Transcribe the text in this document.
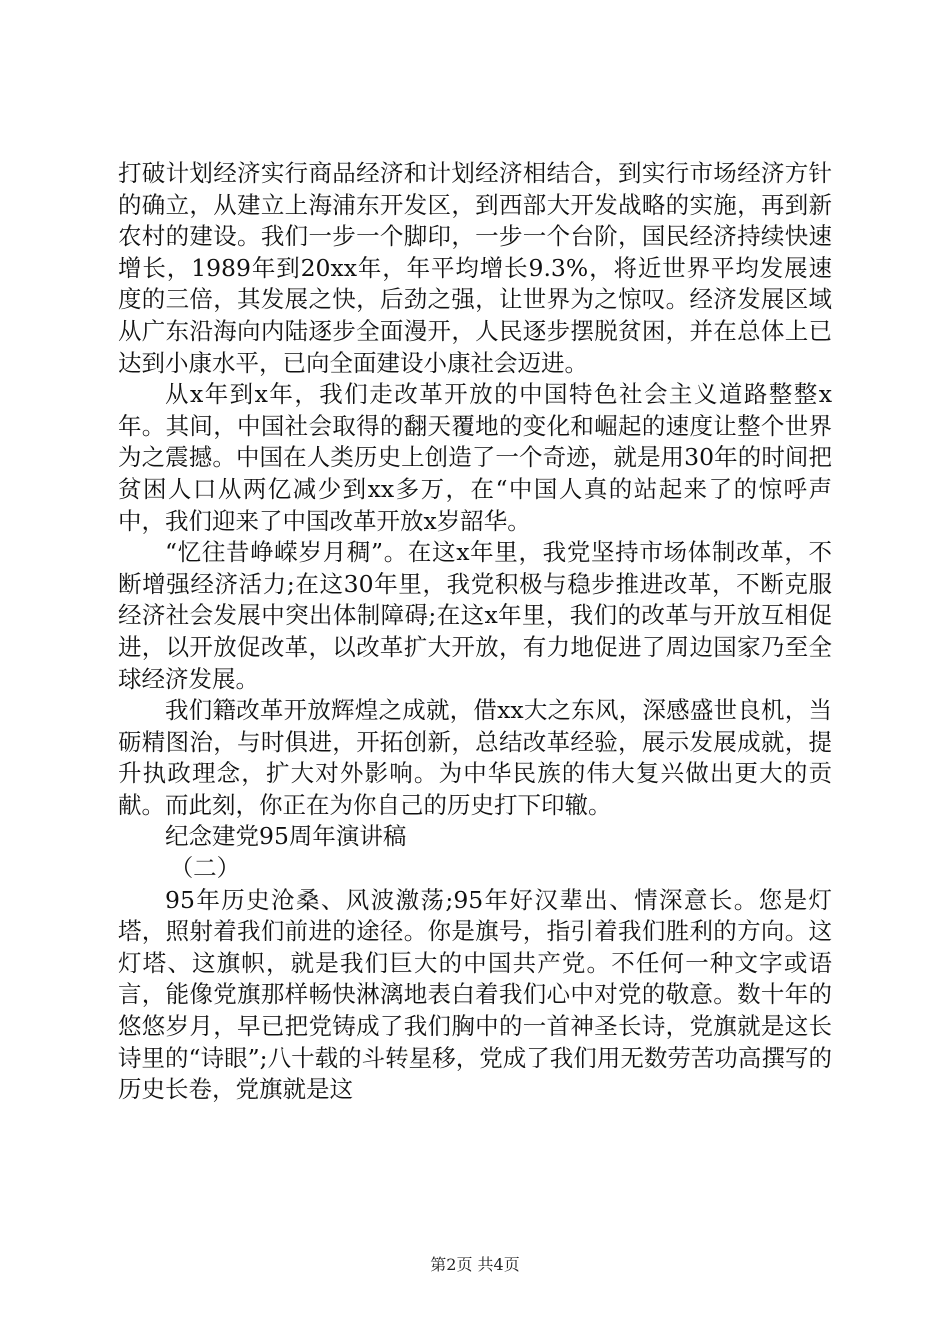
打破计划经济实行商品经济和计划经济相结合，到实行市场经济方针的确立，从建立上海浦东开发区，到西部大开发战略的实施，再到新农村的建设。我们一步一个脚印，一步一个台阶，国民经济持续快速增长，1989年到20xx年，年平均增长9.3%，将近世界平均发展速度的三倍，其发展之快，后劲之强，让世界为之惊叹。经济发展区域从广东沿海向内陆逐步全面漫开，人民逐步摆脱贫困，并在总体上已达到小康水平，已向全面建设小康社会迈进。

从x年到x年，我们走改革开放的中国特色社会主义道路整整x年。其间，中国社会取得的翻天覆地的变化和崛起的速度让整个世界为之震撼。中国在人类历史上创造了一个奇迹，就是用30年的时间把贫困人口从两亿减少到xx多万，在“中国人真的站起来了的惊呼声中，我们迎来了中国改革开放x岁韶华。

“忆往昔峥嵘岁月稠”。在这x年里，我党坚持市场体制改革，不断增强经济活力;在这30年里，我党积极与稳步推进改革，不断克服经济社会发展中突出体制障碍;在这x年里，我们的改革与开放互相促进，以开放促改革，以改革扩大开放，有力地促进了周边国家乃至全球经济发展。

我们籍改革开放辉煌之成就，借xx大之东风，深感盛世良机，当砺精图治，与时俱进，开拓创新，总结改革经验，展示发展成就，提升执政理念，扩大对外影响。为中华民族的伟大复兴做出更大的贡献。而此刻，你正在为你自己的历史打下印辙。

纪念建党95周年演讲稿

（二）

95年历史沧桑、风波激荡;95年好汉辈出、情深意长。您是灯塔，照射着我们前进的途径。你是旗号，指引着我们胜利的方向。这灯塔、这旗帜，就是我们巨大的中国共产党。不任何一种文字或语言，能像党旗那样畅快淋漓地表白着我们心中对党的敬意。数十年的悠悠岁月，早已把党铸成了我们胸中的一首神圣长诗，党旗就是这长诗里的“诗眼”;八十载的斗转星移，党成了我们用无数劳苦功高撰写的历史长卷，党旗就是这

第2页 共4页
